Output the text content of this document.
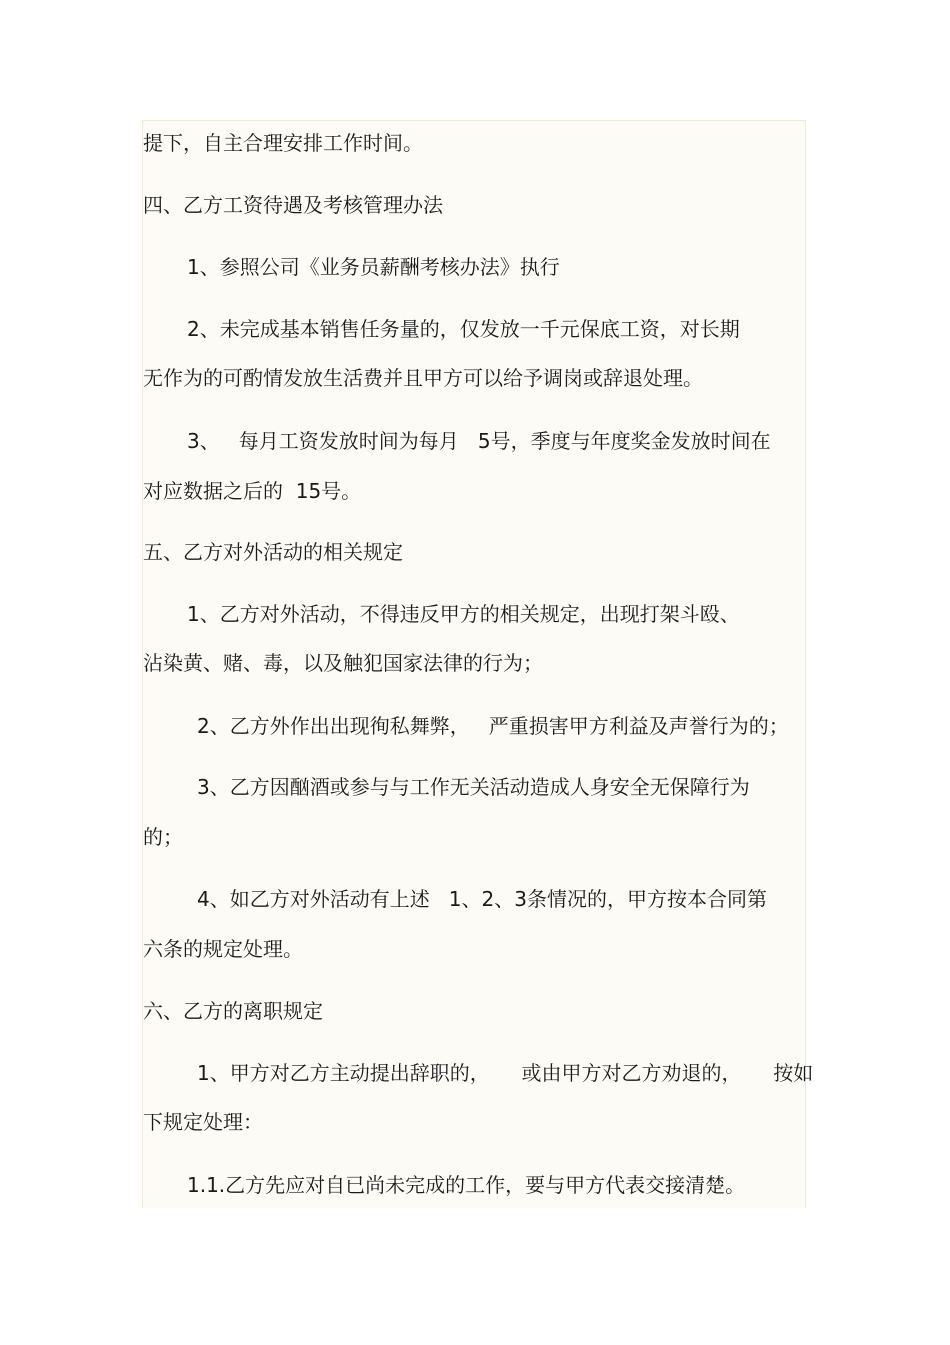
提下，自主合理安排工作时间。

四、乙方工资待遇及考核管理办法

1、参照公司《业务员薪酬考核办法》执行

2、未完成基本销售任务量的，仅发放一千元保底工资，对长期

无作为的可酌情发放生活费并且甲方可以给予调岗或辞退处理。

3、   每月工资发放时间为每月   5号，季度与年度奖金发放时间在

对应数据之后的  15号。

五、乙方对外活动的相关规定

1、乙方对外活动，不得违反甲方的相关规定，出现打架斗殴、

沾染黄、赌、毒，以及触犯国家法律的行为；

2、乙方外作出出现徇私舞弊，   严重损害甲方利益及声誉行为的；

3、乙方因酗酒或参与与工作无关活动造成人身安全无保障行为

的；

4、如乙方对外活动有上述   1、2、3条情况的，甲方按本合同第

六条的规定处理。

六、乙方的离职规定

1、甲方对乙方主动提出辞职的，     或由甲方对乙方劝退的，     按如

下规定处理：

1.1.乙方先应对自已尚未完成的工作，要与甲方代表交接清楚。
